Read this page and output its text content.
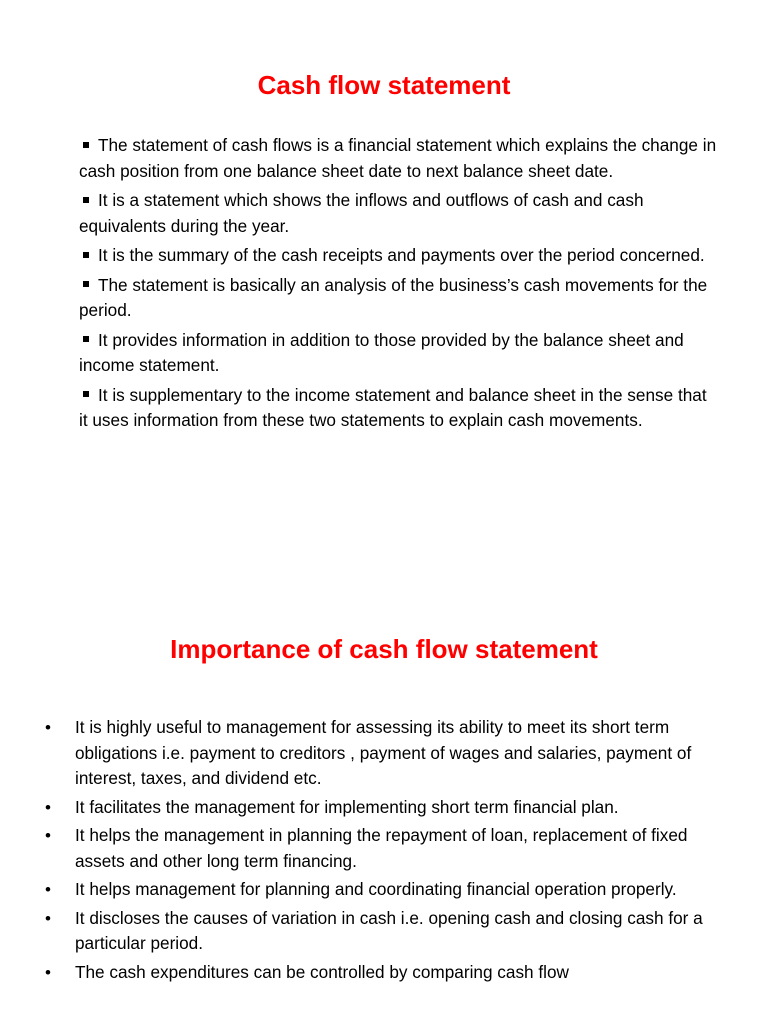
Cash flow statement
The statement of cash flows is a financial statement which explains the change in cash position from one balance sheet date to next balance sheet date.
It is a statement which shows the inflows and outflows of cash and cash equivalents during the year.
It is the summary of the cash receipts and payments over the period concerned.
The statement is basically an analysis of the business’s cash movements for the period.
It provides information in addition to those provided by the balance sheet and income statement.
It is supplementary to the income statement and balance sheet in the sense that it uses information from these two statements to explain cash movements.
Importance of cash flow statement
• It is highly useful to management for assessing its ability to meet its short term obligations i.e. payment to creditors , payment of wages and salaries, payment of interest, taxes, and dividend etc.
• It facilitates the management for implementing short term financial plan.
• It helps the management in planning the repayment of loan, replacement of fixed assets and other long term financing.
• It helps management for planning and coordinating financial operation properly.
• It discloses the causes of variation in cash i.e. opening cash and closing cash for a particular period.
• The cash expenditures can be controlled by comparing cash flow
